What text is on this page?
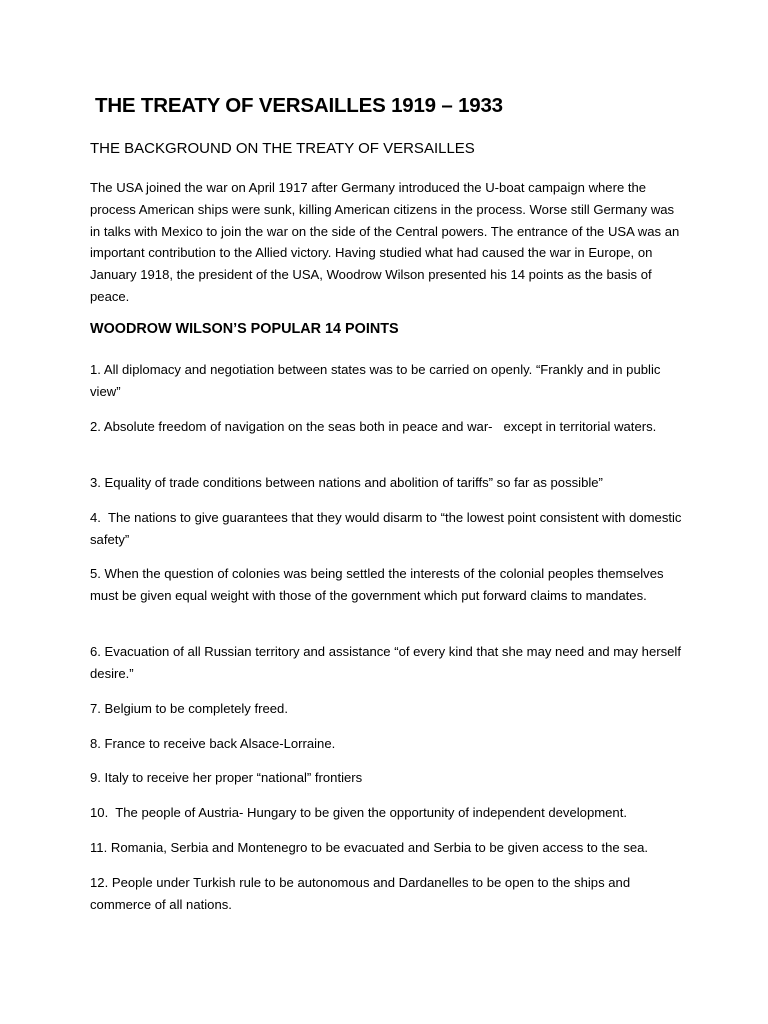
THE TREATY OF VERSAILLES 1919 – 1933
THE BACKGROUND ON THE TREATY OF VERSAILLES

The USA joined the war on April 1917 after Germany introduced the U-boat campaign where the process American ships were sunk, killing American citizens in the process. Worse still Germany was in talks with Mexico to join the war on the side of the Central powers. The entrance of the USA was an important contribution to the Allied victory. Having studied what had caused the war in Europe, on January 1918, the president of the USA, Woodrow Wilson presented his 14 points as the basis of peace.

WOODROW WILSON’S POPULAR 14 POINTS

1. All diplomacy and negotiation between states was to be carried on openly. “Frankly and in public view”

2. Absolute freedom of navigation on the seas both in peace and war-   except in territorial waters.

3. Equality of trade conditions between nations and abolition of tariffs” so far as possible”

4.  The nations to give guarantees that they would disarm to “the lowest point consistent with domestic safety”

5. When the question of colonies was being settled the interests of the colonial peoples themselves must be given equal weight with those of the government which put forward claims to mandates.

6. Evacuation of all Russian territory and assistance “of every kind that she may need and may herself desire.”

7. Belgium to be completely freed.

8. France to receive back Alsace-Lorraine.

9. Italy to receive her proper “national” frontiers

10.  The people of Austria- Hungary to be given the opportunity of independent development.

11. Romania, Serbia and Montenegro to be evacuated and Serbia to be given access to the sea.

12. People under Turkish rule to be autonomous and Dardanelles to be open to the ships and commerce of all nations.
